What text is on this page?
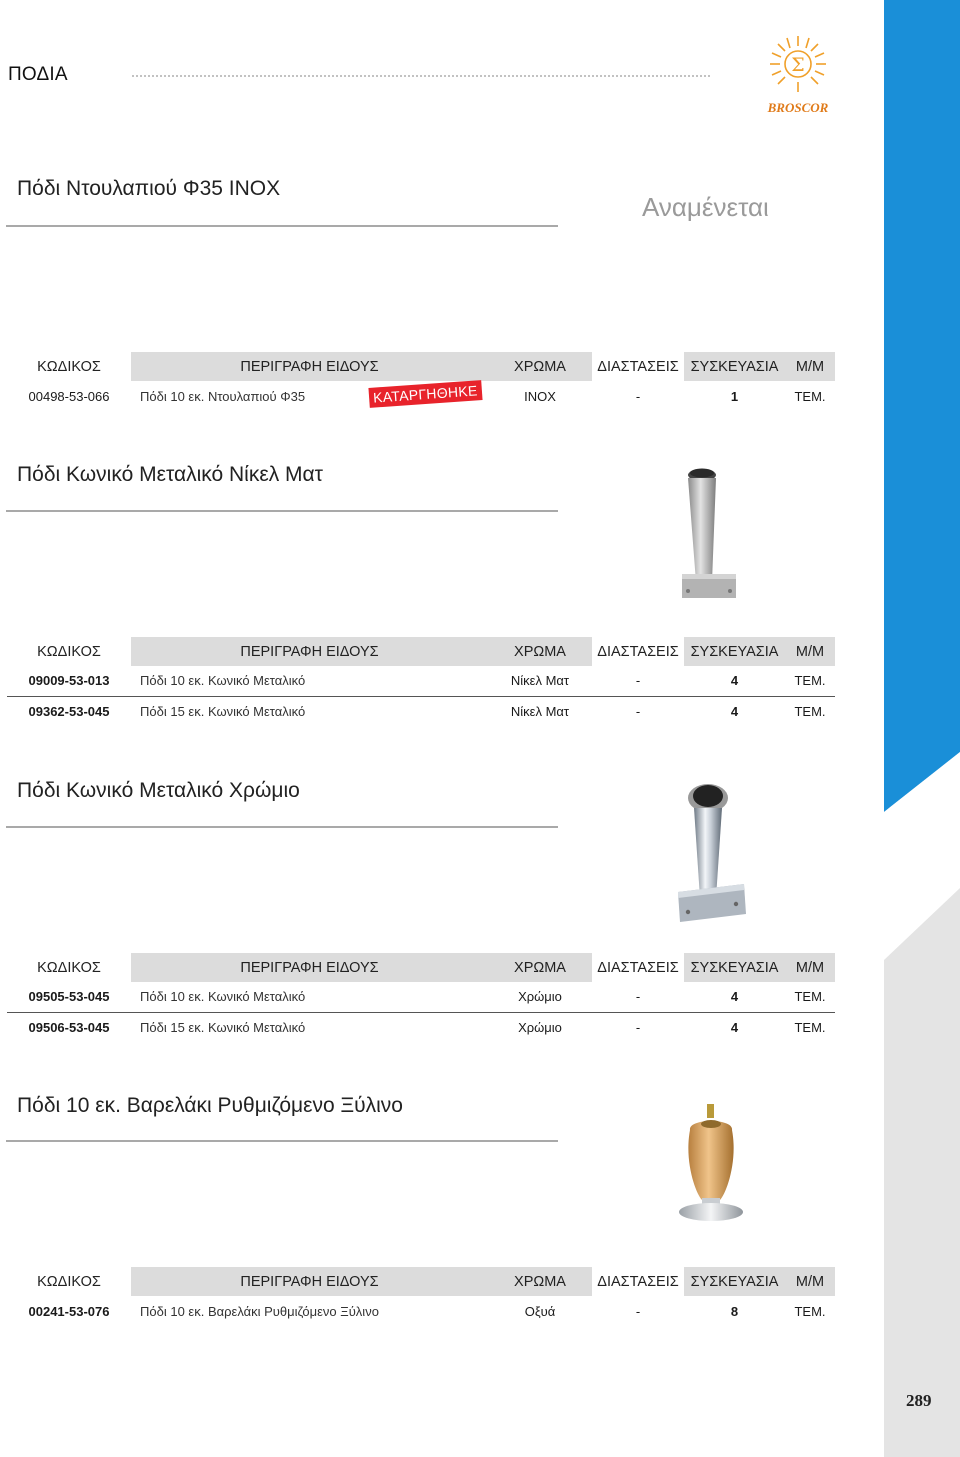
ΠΟΔΙΑ	Σ
BROSCOR
Πόδι Ντουλαπιού Φ35 INOX
Αναμένεται
ΚΩΔΙΚΟΣ	ΠΕΡΙΓΡΑΦΗ ΕΙΔΟΥΣ	ΧΡΩΜΑ	ΔΙΑΣΤΑΣΕΙΣ	ΣΥΣΚΕΥΑΣΙΑ	Μ/Μ
00498-53-066	Πόδι 10 εκ. Ντουλαπιού Φ35	INOX	-	1	ΤΕΜ.
ΚΑΤΑΡΓΗΘΗΚΕ
Πόδι Κωνικό Μεταλικό Νίκελ Ματ
ΚΩΔΙΚΟΣ	ΠΕΡΙΓΡΑΦΗ ΕΙΔΟΥΣ	ΧΡΩΜΑ	ΔΙΑΣΤΑΣΕΙΣ	ΣΥΣΚΕΥΑΣΙΑ	Μ/Μ
09009-53-013	Πόδι 10 εκ. Κωνικό Μεταλικό	Νίκελ Ματ	-	4	ΤΕΜ.
09362-53-045	Πόδι 15 εκ. Κωνικό Μεταλικό	Νίκελ Ματ	-	4	ΤΕΜ.
Πόδι Κωνικό Μεταλικό Χρώμιο
ΚΩΔΙΚΟΣ	ΠΕΡΙΓΡΑΦΗ ΕΙΔΟΥΣ	ΧΡΩΜΑ	ΔΙΑΣΤΑΣΕΙΣ	ΣΥΣΚΕΥΑΣΙΑ	Μ/Μ
09505-53-045	Πόδι 10 εκ. Κωνικό Μεταλικό	Χρώμιο	-	4	ΤΕΜ.
09506-53-045	Πόδι 15 εκ. Κωνικό Μεταλικό	Χρώμιο	-	4	ΤΕΜ.
Πόδι 10 εκ. Βαρελάκι Ρυθμιζόμενο Ξύλινο
ΚΩΔΙΚΟΣ	ΠΕΡΙΓΡΑΦΗ ΕΙΔΟΥΣ	ΧΡΩΜΑ	ΔΙΑΣΤΑΣΕΙΣ	ΣΥΣΚΕΥΑΣΙΑ	Μ/Μ
00241-53-076	Πόδι 10 εκ. Βαρελάκι Ρυθμιζόμενο Ξύλινο	Οξυά	-	8	ΤΕΜ.
289
